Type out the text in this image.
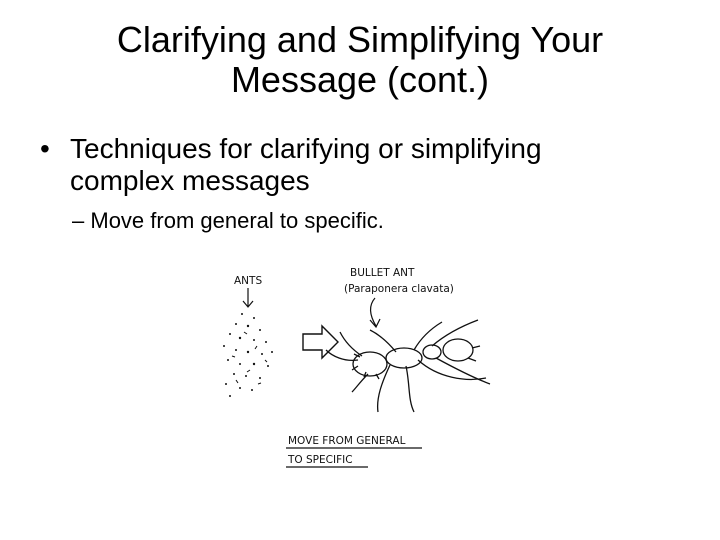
Clarifying and Simplifying Your
Message (cont.)
• Techniques for clarifying or simplifying
complex messages
– Move from general to specific.
ANTS
BULLET ANT
(Paraponera clavata)
MOVE FROM GENERAL
TO SPECIFIC
